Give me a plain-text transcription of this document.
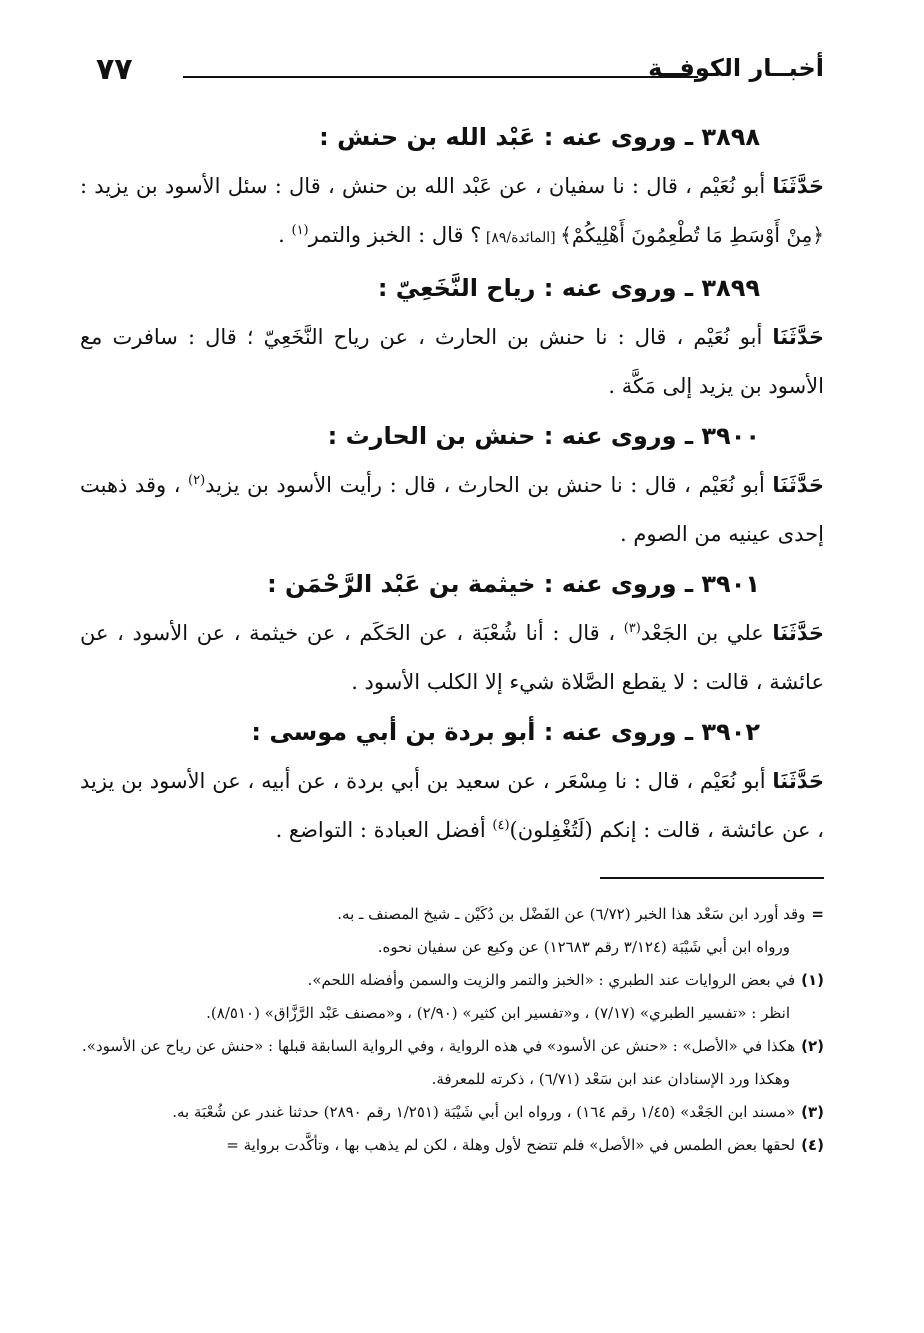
٧٧	أخبــار الكوفــة
٣٨٩٨ ـ وروى عنه : عَبْد الله بن حنش :
حَدَّثَنَا أبو نُعَيْم ، قال : نا سفيان ، عن عَبْد الله بن حنش ، قال : سئل الأسود بن يزيد : ﴿مِنْ أَوْسَطِ مَا تُطْعِمُونَ أَهْلِيكُمْ﴾ [المائدة/٨٩] ؟ قال : الخبز والتمر$^{(١)}$ .
٣٨٩٩ ـ وروى عنه : رياح النَّخَعِيّ :
حَدَّثَنَا أبو نُعَيْم ، قال : نا حنش بن الحارث ، عن رياح النَّخَعِيّ ؛ قال : سافرت مع الأسود بن يزيد إلى مَكَّة .
٣٩٠٠ ـ وروى عنه : حنش بن الحارث :
حَدَّثَنَا أبو نُعَيْم ، قال : نا حنش بن الحارث ، قال : رأيت الأسود بن يزيد$^{(٢)}$ ، وقد ذهبت إحدى عينيه من الصوم .
٣٩٠١ ـ وروى عنه : خيثمة بن عَبْد الرَّحْمَن :
حَدَّثَنَا علي بن الجَعْد$^{(٣)}$ ، قال : أنا شُعْبَة ، عن الحَكَم ، عن خيثمة ، عن الأسود ، عن عائشة ، قالت : لا يقطع الصَّلاة شيء إلا الكلب الأسود .
٣٩٠٢ ـ وروى عنه : أبو بردة بن أبي موسى :
حَدَّثَنَا أبو نُعَيْم ، قال : نا مِسْعَر ، عن سعيد بن أبي بردة ، عن أبيه ، عن الأسود بن يزيد ، عن عائشة ، قالت : إنكم (لَتُغْفِلون)$^{(٤)}$ أفضل العبادة : التواضع .

=وقد أورد ابن سَعْد هذا الخبر (٦/٧٢) عن الفَضْل بن دُكَيْن ـ شيخ المصنف ـ به.

ورواه ابن أبي شَيْبَة (٣/١٢٤ رقم ١٢٦٨٣) عن وكيع عن سفيان نحوه.

(١)في بعض الروايات عند الطبري : «الخبز والتمر والزيت والسمن وأفضله اللحم».

انظر : «تفسير الطبري» (٧/١٧) ، و«تفسير ابن كثير» (٢/٩٠) ، و«مصنف عَبْد الرَّزَّاق» (٨/٥١٠).

(٢)هكذا في «الأصل» : «حنش عن الأسود» في هذه الرواية ، وفي الرواية السابقة قبلها : «حنش عن رياح عن الأسود».

وهكذا ورد الإسنادان عند ابن سَعْد (٦/٧١) ، ذكرته للمعرفة.

(٣)«مسند ابن الجَعْد» (١/٤٥ رقم ١٦٤) ، ورواه ابن أبي شَيْبَة (١/٢٥١ رقم ٢٨٩٠) حدثنا غندر عن شُعْبَة به.

(٤)لحقها بعض الطمس في «الأصل» فلم تتضح لأول وهلة ، لكن لم يذهب بها ، وتأكَّدت برواية =
